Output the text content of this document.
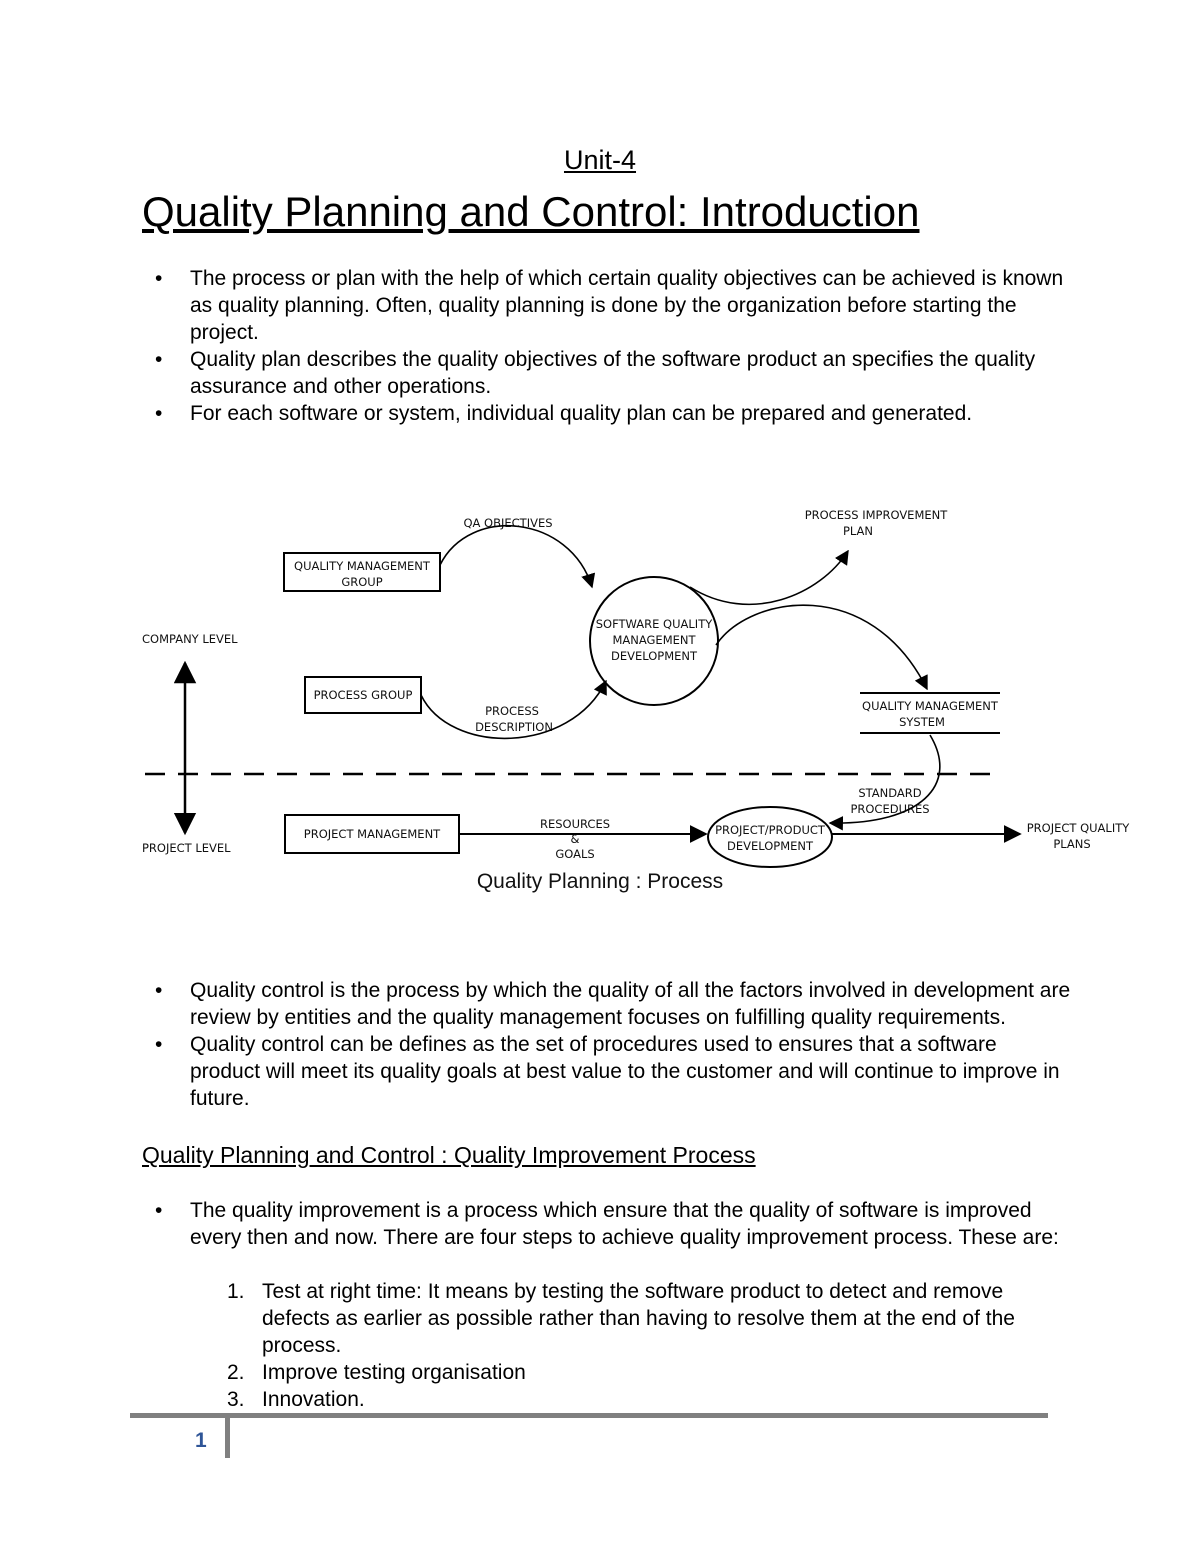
Unit-4
Quality Planning and Control: Introduction
• The process or plan with the help of which certain quality objectives can be achieved is known as quality planning. Often, quality planning is done by the organization before starting the project.
• Quality plan describes the quality objectives of the software product an specifies the quality assurance and other operations.
• For each software or system, individual quality plan can be prepared and generated.
QUALITY MANAGEMENT
GROUP
PROCESS GROUP
PROJECT MANAGEMENT
SOFTWARE QUALITY
MANAGEMENT
DEVELOPMENT
PROCESS IMPROVEMENT
PLAN
QUALITY MANAGEMENT
SYSTEM
PROJECT/PRODUCT
DEVELOPMENT
PROJECT QUALITY
PLANS
QA OBJECTIVES
PROCESS
DESCRIPTION
STANDARD
PROCEDURES
RESOURCES
&
GOALS
COMPANY LEVEL
PROJECT LEVEL
Quality Planning : Process
• Quality control is the process by which the quality of all the factors involved in development are review by entities and the quality management focuses on fulfilling quality requirements.
• Quality control can be defines as the set of procedures used to ensures that a software product will meet its quality goals at best value to the customer and will continue to improve in future.
Quality Planning and Control : Quality Improvement Process
• The quality improvement is a process which ensure that the quality of software is improved every then and now. There are four steps to achieve quality improvement process. These are:
1. Test at right time: It means by testing the software product to detect and remove defects as earlier as possible rather than having to resolve them at the end of the process.
2. Improve testing organisation
3. Innovation.
1
